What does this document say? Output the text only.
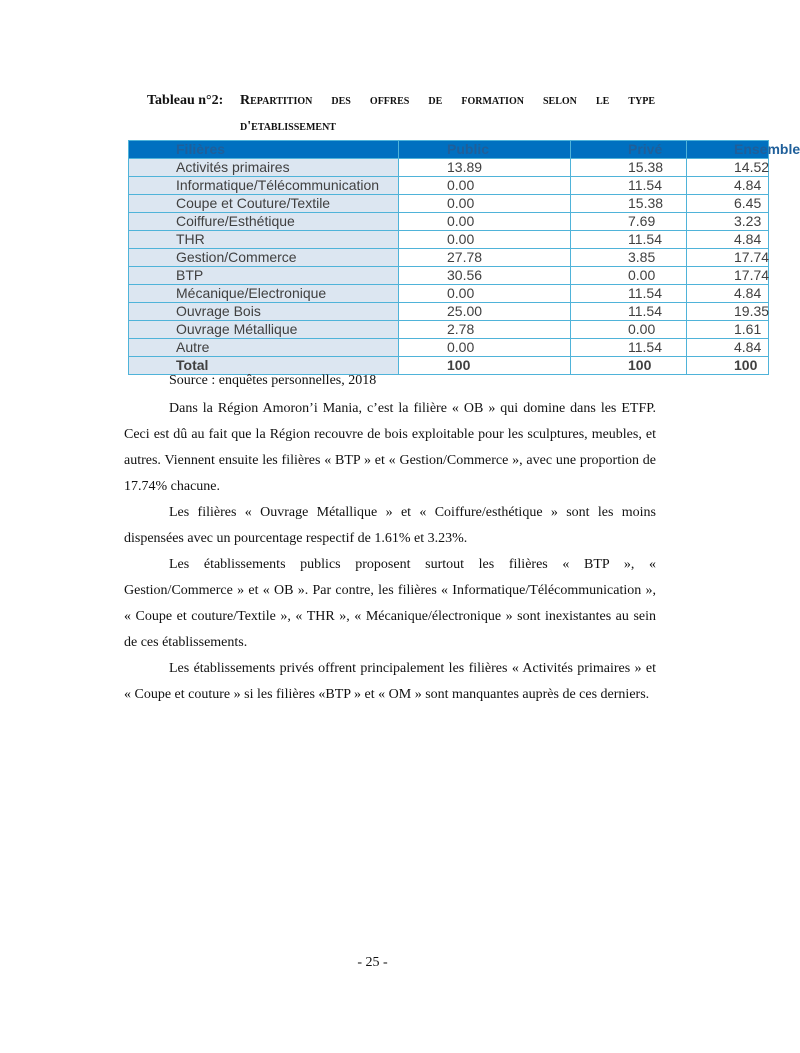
Tableau n°2: Repartition des offres de formation selon le type
d'etablissement
Filières	Public	Privé	Ensemble
Activités primaires	13.89	15.38	14.52
Informatique/Télécommunication	0.00	11.54	4.84
Coupe et Couture/Textile	0.00	15.38	6.45
Coiffure/Esthétique	0.00	7.69	3.23
THR	0.00	11.54	4.84
Gestion/Commerce	27.78	3.85	17.74
BTP	30.56	0.00	17.74
Mécanique/Electronique	0.00	11.54	4.84
Ouvrage Bois	25.00	11.54	19.35
Ouvrage Métallique	2.78	0.00	1.61
Autre	0.00	11.54	4.84
Total	100	100	100
Source : enquêtes personnelles, 2018

Dans la Région Amoron’i Mania, c’est la filière « OB » qui domine dans les ETFP. Ceci est dû au fait que la Région recouvre de bois exploitable pour les sculptures, meubles, et autres. Viennent ensuite les filières « BTP » et « Gestion/Commerce », avec une proportion de 17.74% chacune.

Les filières « Ouvrage Métallique » et « Coiffure/esthétique » sont les moins dispensées avec un pourcentage respectif de 1.61% et 3.23%.

Les établissements publics proposent surtout les filières « BTP », « Gestion/Commerce » et « OB ». Par contre, les filières « Informatique/Télécommunication », « Coupe et couture/Textile », « THR », « Mécanique/électronique » sont inexistantes au sein de ces établissements.

Les établissements privés offrent principalement les filières « Activités primaires » et « Coupe et couture » si les filières «BTP » et « OM » sont manquantes auprès de ces derniers.

- 25 -
